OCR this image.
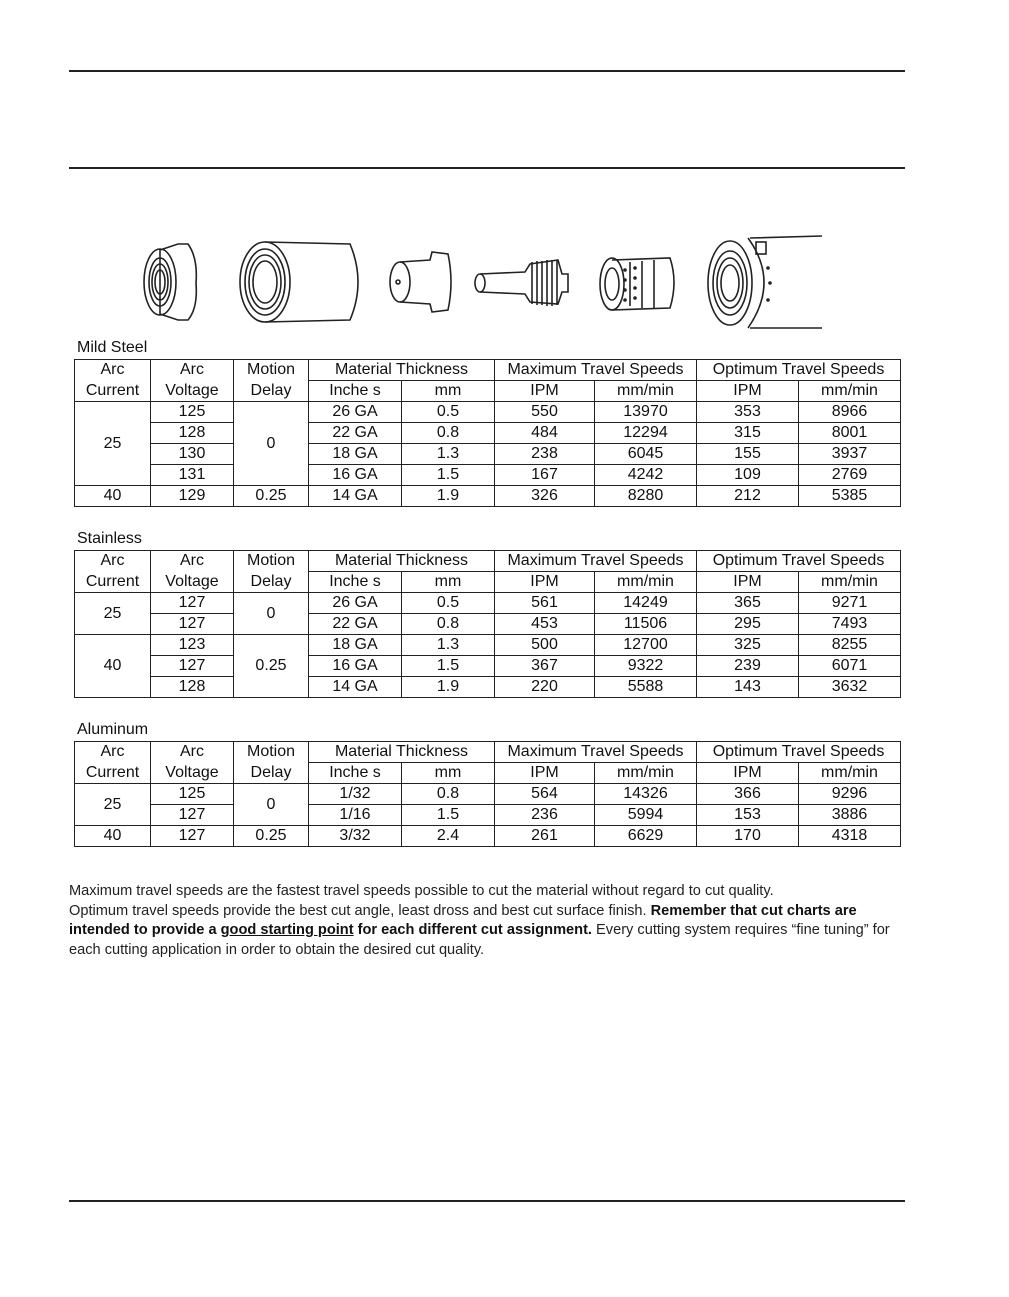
Mild Steel
Arc	Arc	Motion	Material Thickness		Maximum Travel Speeds		Optimum Travel Speeds	
Current	Voltage	Delay	Inche s	mm	IPM	mm/min	IPM	mm/min
25	125	0	26 GA	0.5	550	13970	353	8966
	128		22 GA	0.8	484	12294	315	8001
	130		18 GA	1.3	238	6045	155	3937
	131		16 GA	1.5	167	4242	109	2769
40	129	0.25	14 GA	1.9	326	8280	212	5385
Stainless
Arc	Arc	Motion	Material Thickness		Maximum Travel Speeds		Optimum Travel Speeds	
Current	Voltage	Delay	Inche s	mm	IPM	mm/min	IPM	mm/min
25	127	0	26 GA	0.5	561	14249	365	9271
	127		22 GA	0.8	453	11506	295	7493
40	123	0.25	18 GA	1.3	500	12700	325	8255
	127		16 GA	1.5	367	9322	239	6071
	128		14 GA	1.9	220	5588	143	3632
Aluminum
Arc	Arc	Motion	Material Thickness		Maximum Travel Speeds		Optimum Travel Speeds	
Current	Voltage	Delay	Inche s	mm	IPM	mm/min	IPM	mm/min
25	125	0	1/32	0.8	564	14326	366	9296
	127		1/16	1.5	236	5994	153	3886
40	127	0.25	3/32	2.4	261	6629	170	4318
Maximum travel speeds are the fastest travel speeds possible to cut the material without regard to cut quality.
Optimum travel speeds provide the best cut angle, least dross and best cut surface finish. Remember that cut charts are intended to provide a good starting point for each different cut assignment. Every cutting system requires “fine tuning” for each cutting application in order to obtain the desired cut quality.
